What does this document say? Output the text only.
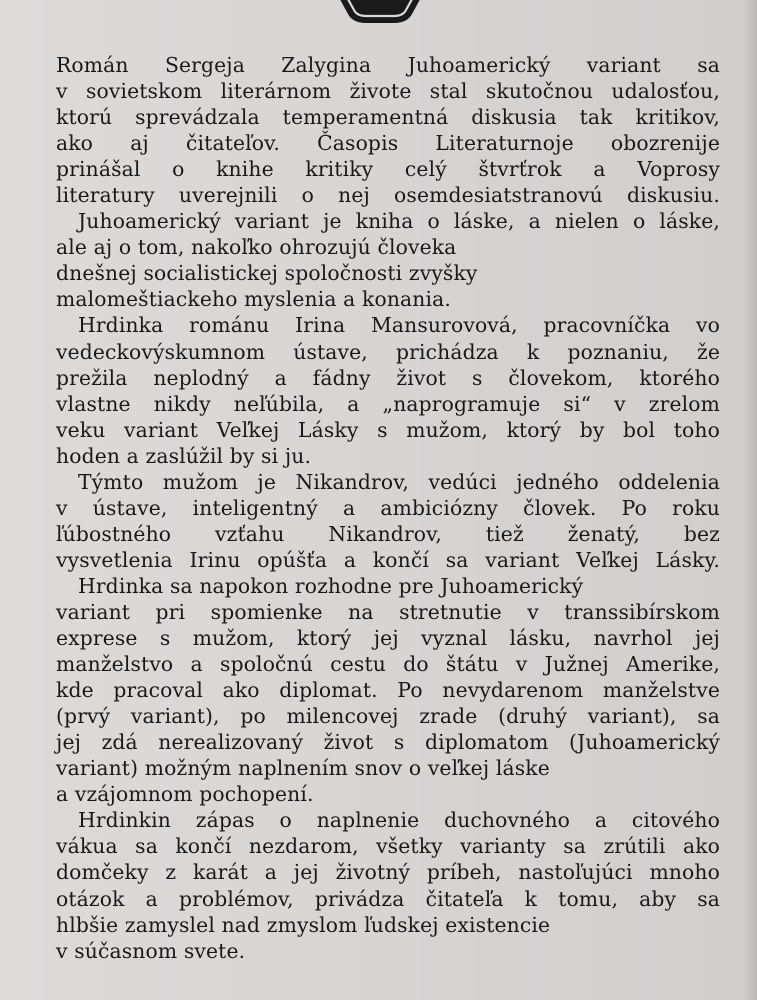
Román Sergeja Zalygina Juhoamerický variant sa
v sovietskom literárnom živote stal skutočnou udalosťou,
ktorú sprevádzala temperamentná diskusia tak kritikov,
ako aj čitateľov. Časopis Literaturnoje obozrenije
prinášal o knihe kritiky celý štvrťrok a Voprosy
literatury uverejnili o nej osemdesiatstranovú diskusiu.
Juhoamerický variant je kniha o láske, a nielen o láske,
ale aj o tom, nakoľko ohrozujú človeka
dnešnej socialistickej spoločnosti zvyšky
malomeštiackeho myslenia a konania.
Hrdinka románu Irina Mansurovová, pracovníčka vo
vedeckovýskumnom ústave, prichádza k poznaniu, že
prežila neplodný a fádny život s človekom, ktorého
vlastne nikdy neľúbila, a „naprogramuje si“ v zrelom
veku variant Veľkej Lásky s mužom, ktorý by bol toho
hoden a zaslúžil by si ju.
Týmto mužom je Nikandrov, vedúci jedného oddelenia
v ústave, inteligentný a ambiciózny človek. Po roku
ľúbostného vzťahu Nikandrov, tiež ženatý, bez
vysvetlenia Irinu opúšťa a končí sa variant Veľkej Lásky.
Hrdinka sa napokon rozhodne pre Juhoamerický
variant pri spomienke na stretnutie v transsibírskom
exprese s mužom, ktorý jej vyznal lásku, navrhol jej
manželstvo a spoločnú cestu do štátu v Južnej Amerike,
kde pracoval ako diplomat. Po nevydarenom manželstve
(prvý variant), po milencovej zrade (druhý variant), sa
jej zdá nerealizovaný život s diplomatom (Juhoamerický
variant) možným naplnením snov o veľkej láske
a vzájomnom pochopení.
Hrdinkin zápas o naplnenie duchovného a citového
vákua sa končí nezdarom, všetky varianty sa zrútili ako
domčeky z karát a jej životný príbeh, nastoľujúci mnoho
otázok a problémov, privádza čitateľa k tomu, aby sa
hlbšie zamyslel nad zmyslom ľudskej existencie
v súčasnom svete.
